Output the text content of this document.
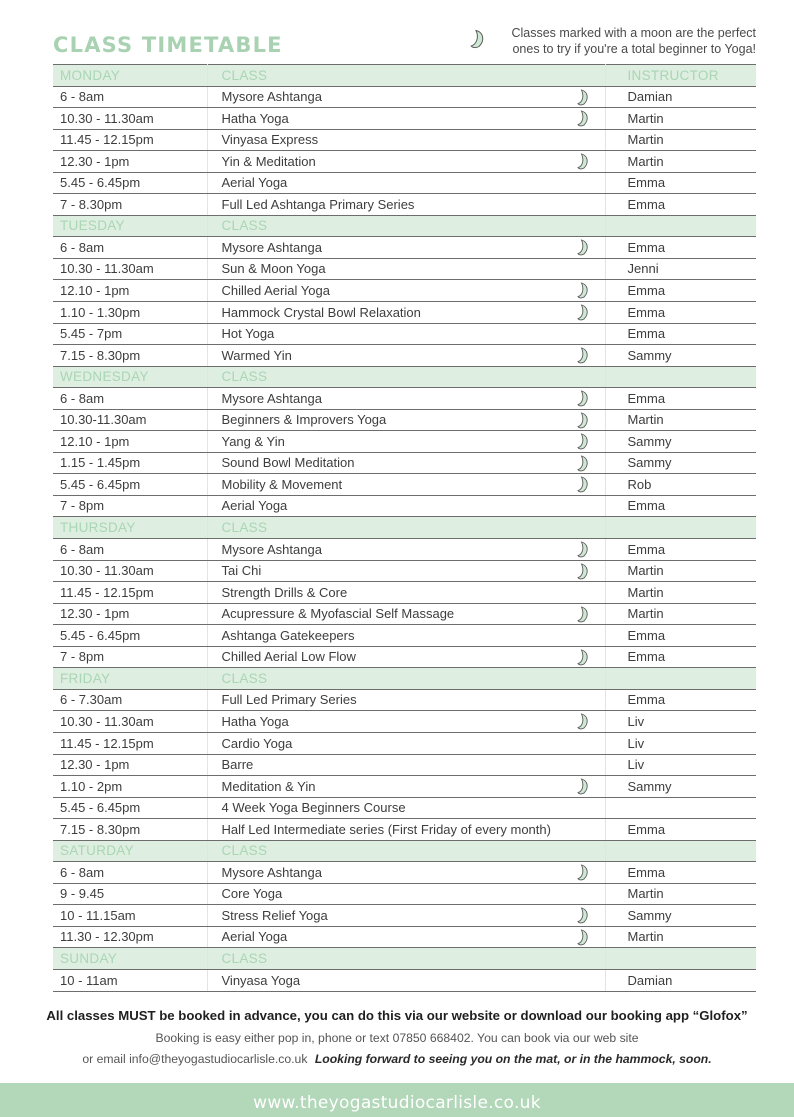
CLASS TIMETABLE	Classes marked with a moon are the perfect
ones to try if you're a total beginner to Yoga!
MONDAY	CLASS	INSTRUCTOR
6 - 8am	Mysore Ashtanga	Damian
10.30 - 11.30am	Hatha Yoga	Martin
11.45 - 12.15pm	Vinyasa Express	Martin
12.30 - 1pm	Yin & Meditation	Martin
5.45 - 6.45pm	Aerial Yoga	Emma
7 - 8.30pm	Full Led Ashtanga Primary Series	Emma
TUESDAY	CLASS	
6 - 8am	Mysore Ashtanga	Emma
10.30 - 11.30am	Sun & Moon Yoga	Jenni
12.10 - 1pm	Chilled Aerial Yoga	Emma
1.10 - 1.30pm	Hammock Crystal Bowl Relaxation	Emma
5.45 - 7pm	Hot Yoga	Emma
7.15 - 8.30pm	Warmed Yin	Sammy
WEDNESDAY	CLASS	
6 - 8am	Mysore Ashtanga	Emma
10.30-11.30am	Beginners & Improvers Yoga	Martin
12.10 - 1pm	Yang & Yin	Sammy
1.15 - 1.45pm	Sound Bowl Meditation	Sammy
5.45 - 6.45pm	Mobility & Movement	Rob
7 - 8pm	Aerial Yoga	Emma
THURSDAY	CLASS	
6 - 8am	Mysore Ashtanga	Emma
10.30 - 11.30am	Tai Chi	Martin
11.45 - 12.15pm	Strength Drills & Core	Martin
12.30 - 1pm	Acupressure & Myofascial Self Massage	Martin
5.45 - 6.45pm	Ashtanga Gatekeepers	Emma
7 - 8pm	Chilled Aerial Low Flow	Emma
FRIDAY	CLASS	
6 - 7.30am	Full Led Primary Series	Emma
10.30 - 11.30am	Hatha Yoga	Liv
11.45 - 12.15pm	Cardio Yoga	Liv
12.30 - 1pm	Barre	Liv
1.10 - 2pm	Meditation & Yin	Sammy
5.45 - 6.45pm	4 Week Yoga Beginners Course	
7.15 - 8.30pm	Half Led Intermediate series (First Friday of every month)	Emma
SATURDAY	CLASS	
6 - 8am	Mysore Ashtanga	Emma
9 - 9.45	Core Yoga	Martin
10 - 11.15am	Stress Relief Yoga	Sammy
11.30 - 12.30pm	Aerial Yoga	Martin
SUNDAY	CLASS	
10 - 11am	Vinyasa Yoga	Damian
All classes MUST be booked in advance, you can do this via our website or download our booking app “Glofox”
Booking is easy either pop in, phone or text 07850 668402. You can book via our web site
or email info@theyogastudiocarlisle.co.uk Looking forward to seeing you on the mat, or in the hammock, soon.
www.theyogastudiocarlisle.co.uk
